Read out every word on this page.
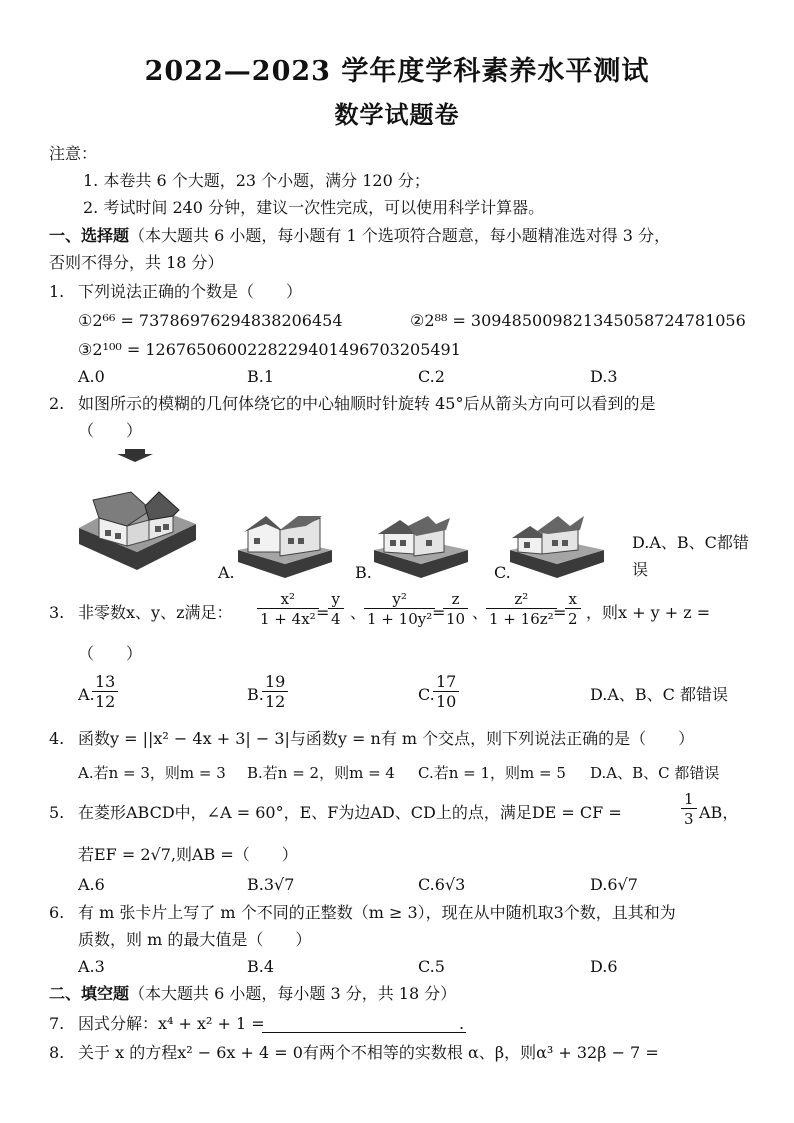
2022—2023 学年度学科素养水平测试
数学试题卷
注意：
1. 本卷共 6 个大题，23 个小题，满分 120 分；
2. 考试时间 240 分钟，建议一次性完成，可以使用科学计算器。
一、选择题（本大题共 6 小题，每小题有 1 个选项符合题意，每小题精准选对得 3 分，
否则不得分，共 18 分）
1. 下列说法正确的个数是（　　）
①2⁶⁶ = 73786976294838206454	②2⁸⁸ = 309485009821345058724781056
③2¹⁰⁰ = 1267650600228229401496703205491
A.0	B.1	C.2	D.3
2. 如图所示的模糊的几何体绕它的中心轴顺时针旋转 45°后从箭头方向可以看到的是
（　　）
A.	B.	C.
D.A、B、C都错
误
3. 非零数x、y、z满足： $\frac{\text{x²}}{\text{1 + 4x²}}$
=
$\frac{y}{4}$ 、
$\frac{\text{y²}}{\text{1 + 10y²}}$
=
$\frac{z}{10}$ 、
$\frac{\text{z²}}{\text{1 + 16z²}}$
=
$\frac{x}{2}$ ，则x + y + z =
（　　）
A.
$\frac{13}{12}$	B.
$\frac{19}{12}$	C.
$\frac{17}{10}$	D.A、B、C 都错误
4. 函数y = ||x² − 4x + 3| − 3|与函数y = n有 m 个交点，则下列说法正确的是（　　）
A.若n = 3，则m = 3 B.若n = 2，则m = 4 C.若n = 1，则m = 5 D.A、B、C 都错误
5. 在菱形ABCD中，∠A = 60°，E、F为边AD、CD上的点，满足DE = CF =	$\frac{1}{3}$ AB，
若EF = 2√7,则AB =（　　）
A.6	B.3√7	C.6√3	D.6√7
6. 有 m 张卡片上写了 m 个不同的正整数（m ≥ 3），现在从中随机取3个数，且其和为
质数，则 m 的最大值是（　　）
A.3	B.4	C.5	D.6
二、填空题（本大题共 6 小题，每小题 3 分，共 18 分）
7. 因式分解：x⁴ + x² + 1 =	.
8. 关于 x 的方程x² − 6x + 4 = 0有两个不相等的实数根 α、β，则α³ + 32β − 7 =
